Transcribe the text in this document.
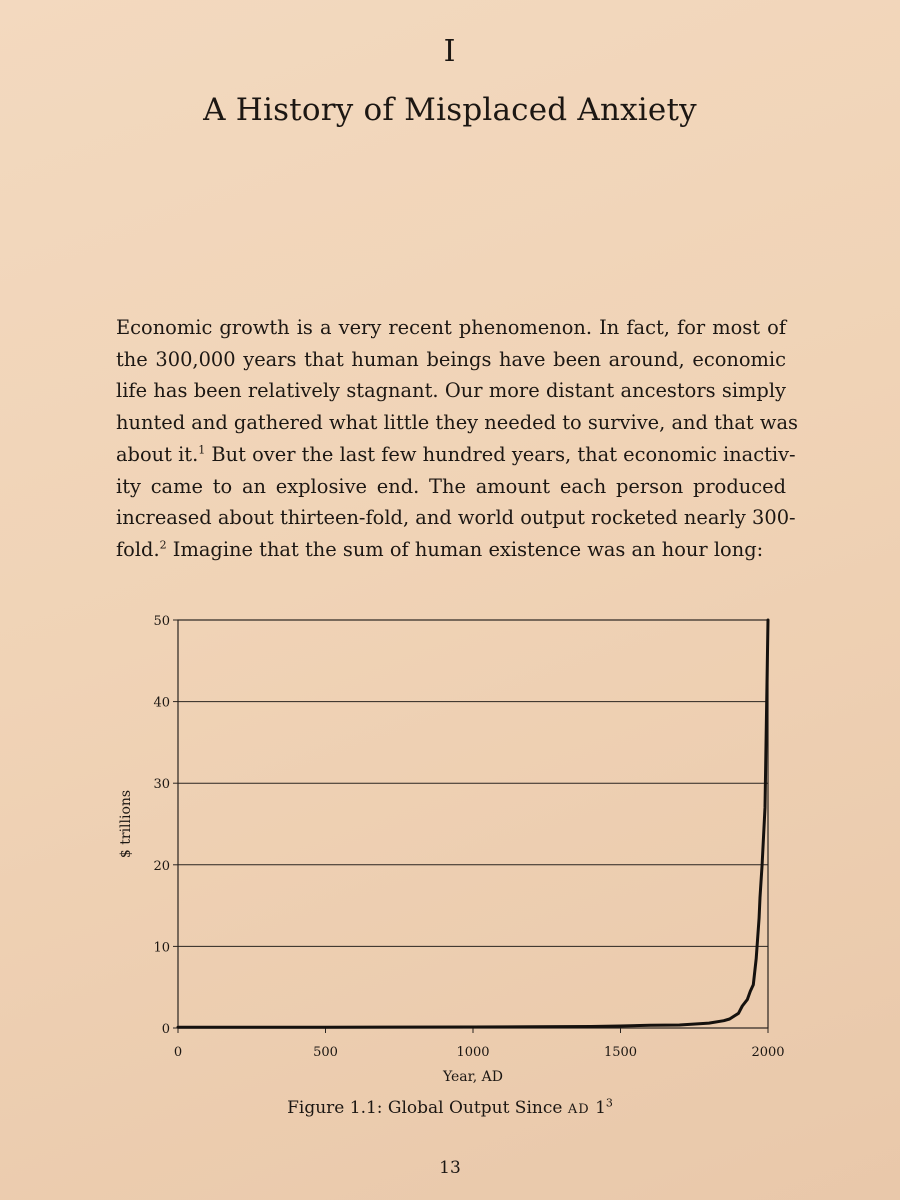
I
A History of Misplaced Anxiety
Economic growth is a very recent phenomenon. In fact, for most of
the 300,000 years that human beings have been around, economic
life has been relatively stagnant. Our more distant ancestors simply
hunted and gathered what little they needed to survive, and that was
about it.$^1$ But over the last few hundred years, that economic inactiv-
ity came to an explosive end. The amount each person produced
increased about thirteen-fold, and world output rocketed nearly 300-
fold.$^2$ Imagine that the sum of human existence was an hour long:
0
10
20
30
40
50
0	500	1000	1500	2000
Year, AD
$ trillions
Figure 1.1: Global Output Since AD $1^3$
13
